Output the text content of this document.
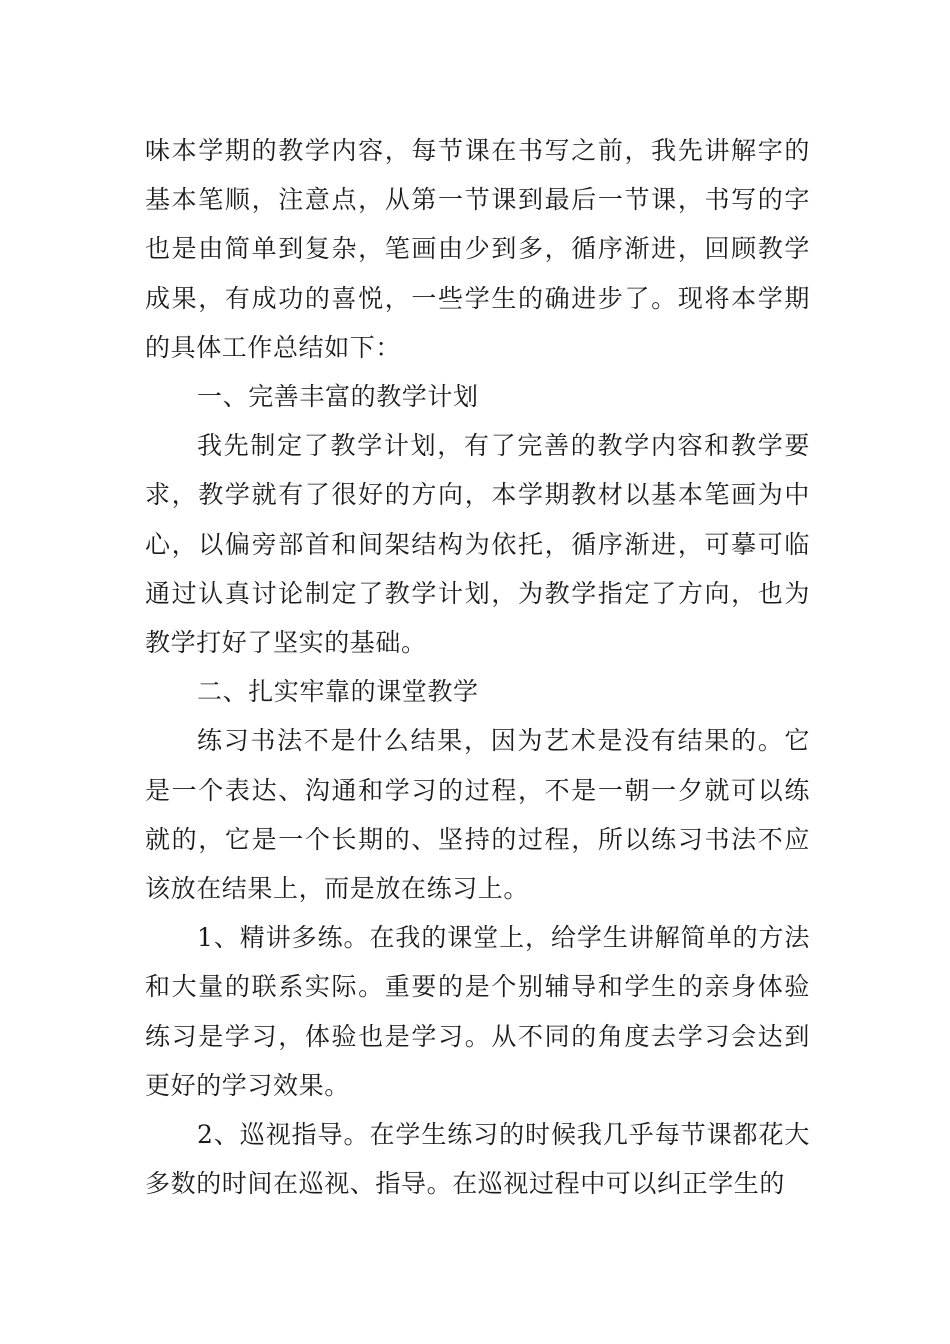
味本学期的教学内容，每节课在书写之前，我先讲解字的基本笔顺，注意点，从第一节课到最后一节课，书写的字也是由简单到复杂，笔画由少到多，循序渐进，回顾教学成果，有成功的喜悦，一些学生的确进步了。现将本学期的具体工作总结如下：

一、完善丰富的教学计划

我先制定了教学计划，有了完善的教学内容和教学要求，教学就有了很好的方向，本学期教材以基本笔画为中心，以偏旁部首和间架结构为依托，循序渐进，可摹可临通过认真讨论制定了教学计划，为教学指定了方向，也为教学打好了坚实的基础。

二、扎实牢靠的课堂教学

练习书法不是什么结果，因为艺术是没有结果的。它是一个表达、沟通和学习的过程，不是一朝一夕就可以练就的，它是一个长期的、坚持的过程，所以练习书法不应该放在结果上，而是放在练习上。

1、精讲多练。在我的课堂上，给学生讲解简单的方法和大量的联系实际。重要的是个别辅导和学生的亲身体验练习是学习，体验也是学习。从不同的角度去学习会达到更好的学习效果。

2、巡视指导。在学生练习的时候我几乎每节课都花大多数的时间在巡视、指导。在巡视过程中可以纠正学生的
